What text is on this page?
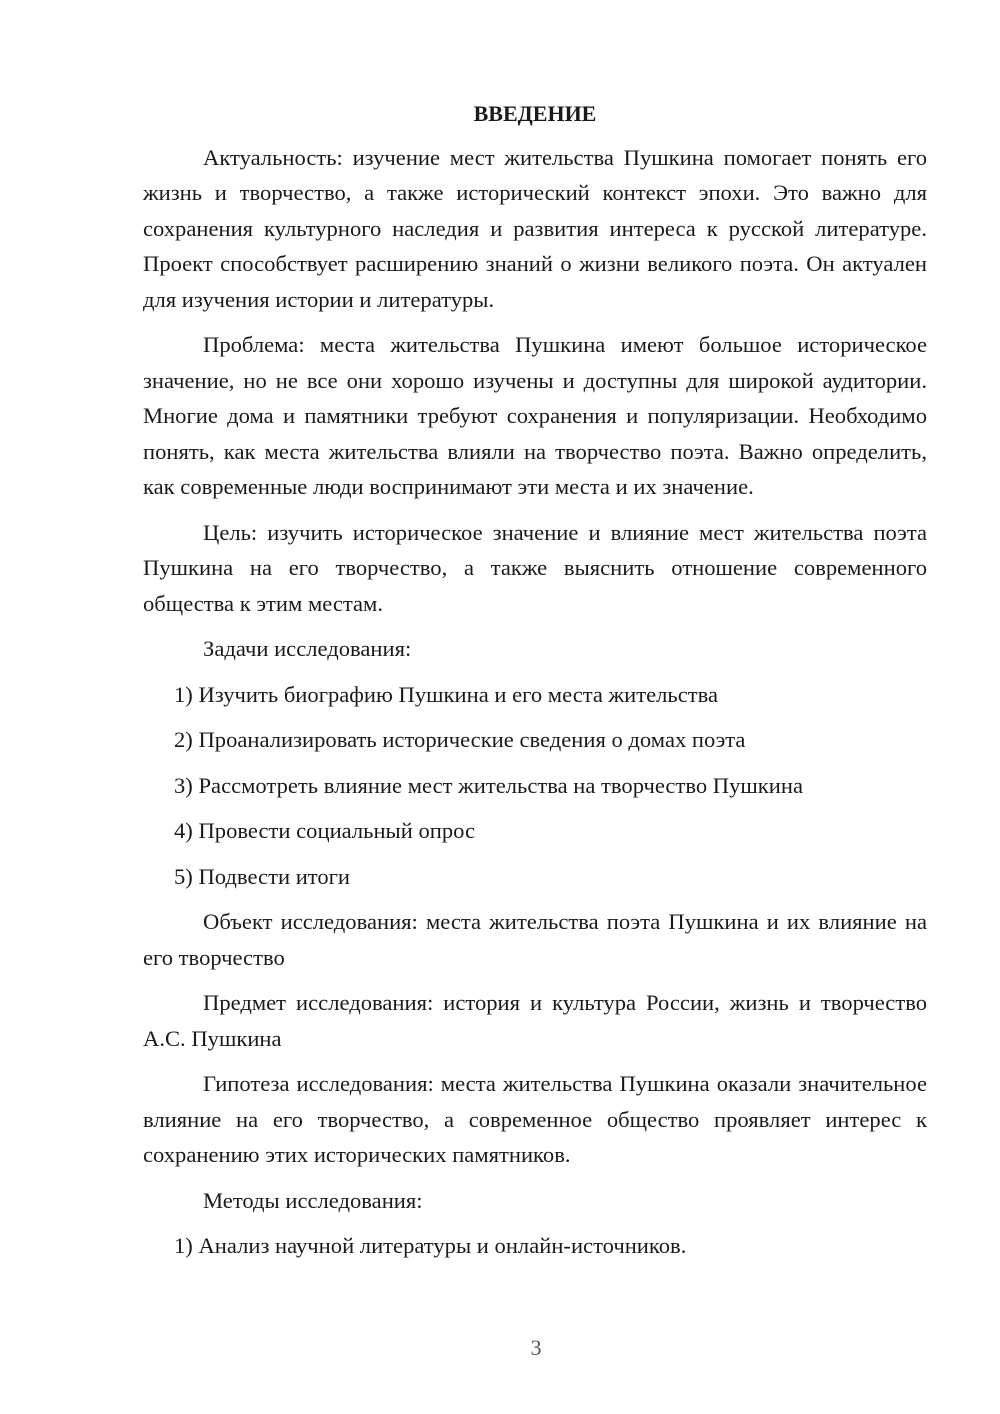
ВВЕДЕНИЕ

Актуальность: изучение мест жительства Пушкина помогает понять его жизнь и творчество, а также исторический контекст эпохи. Это важно для сохранения культурного наследия и развития интереса к русской литературе. Проект способствует расширению знаний о жизни великого поэта. Он актуален для изучения истории и литературы.

Проблема: места жительства Пушкина имеют большое историческое значение, но не все они хорошо изучены и доступны для широкой аудитории. Многие дома и памятники требуют сохранения и популяризации. Необходимо понять, как места жительства влияли на творчество поэта. Важно определить, как современные люди воспринимают эти места и их значение.

Цель: изучить историческое значение и влияние мест жительства поэта Пушкина на его творчество, а также выяснить отношение современного общества к этим местам.

Задачи исследования:

1) Изучить биографию Пушкина и его места жительства

2) Проанализировать исторические сведения о домах поэта

3) Рассмотреть влияние мест жительства на творчество Пушкина

4) Провести социальный опрос

5) Подвести итоги

Объект исследования: места жительства поэта Пушкина и их влияние на его творчество

Предмет исследования: история и культура России, жизнь и творчество А.С. Пушкина

Гипотеза исследования: места жительства Пушкина оказали значительное влияние на его творчество, а современное общество проявляет интерес к сохранению этих исторических памятников.

Методы исследования:

1) Анализ научной литературы и онлайн-источников.

3
